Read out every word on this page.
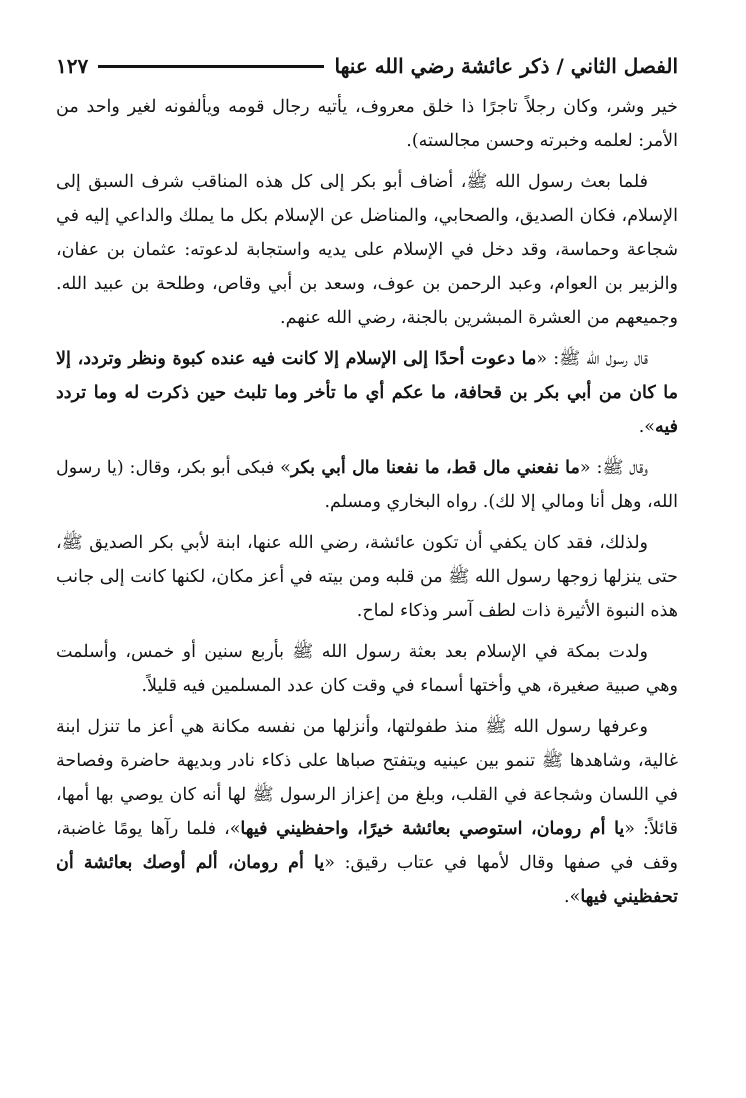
الفصل الثاني / ذكر عائشة رضي الله عنها
١٢٧

خير وشر، وكان رجلاً تاجرًا ذا خلق معروف، يأتيه رجال قومه ويألفونه لغير واحد من الأمر: لعلمه وخبرته وحسن مجالسته).

فلما بعث رسول الله ﷺ، أضاف أبو بكر إلى كل هذه المناقب شرف السبق إلى الإسلام، فكان الصديق، والصحابي، والمناضل عن الإسلام بكل ما يملك والداعي إليه في شجاعة وحماسة، وقد دخل في الإسلام على يديه واستجابة لدعوته: عثمان بن عفان، والزبير بن العوام، وعبد الرحمن بن عوف، وسعد بن أبي وقاص، وطلحة بن عبيد الله. وجميعهم من العشرة المبشرين بالجنة، رضي الله عنهم.

قال رسول الله ﷺ: «ما دعوت أحدًا إلى الإسلام إلا كانت فيه عنده كبوة ونظر وتردد، إلا ما كان من أبي بكر بن قحافة، ما عكم أي ما تأخر وما تلبث حين ذكرت له وما تردد فيه».

وقال ﷺ: «ما نفعني مال قط، ما نفعنا مال أبي بكر» فبكى أبو بكر، وقال: (يا رسول الله، وهل أنا ومالي إلا لك). رواه البخاري ومسلم.

ولذلك، فقد كان يكفي أن تكون عائشة، رضي الله عنها، ابنة لأبي بكر الصديق ﷺ، حتى ينزلها زوجها رسول الله ﷺ من قلبه ومن بيته في أعز مكان، لكنها كانت إلى جانب هذه النبوة الأثيرة ذات لطف آسر وذكاء لماح.

ولدت بمكة في الإسلام بعد بعثة رسول الله ﷺ بأربع سنين أو خمس، وأسلمت وهي صبية صغيرة، هي وأختها أسماء في وقت كان عدد المسلمين فيه قليلاً.

وعرفها رسول الله ﷺ منذ طفولتها، وأنزلها من نفسه مكانة هي أعز ما تنزل ابنة غالية، وشاهدها ﷺ تنمو بين عينيه ويتفتح صباها على ذكاء نادر وبديهة حاضرة وفصاحة في اللسان وشجاعة في القلب، وبلغ من إعزاز الرسول ﷺ لها أنه كان يوصي بها أمها، قائلاً: «يا أم رومان، استوصي بعائشة خيرًا، واحفظيني فيها»، فلما رآها يومًا غاضبة، وقف في صفها وقال لأمها في عتاب رقيق: «يا أم رومان، ألم أوصك بعائشة أن تحفظيني فيها».
